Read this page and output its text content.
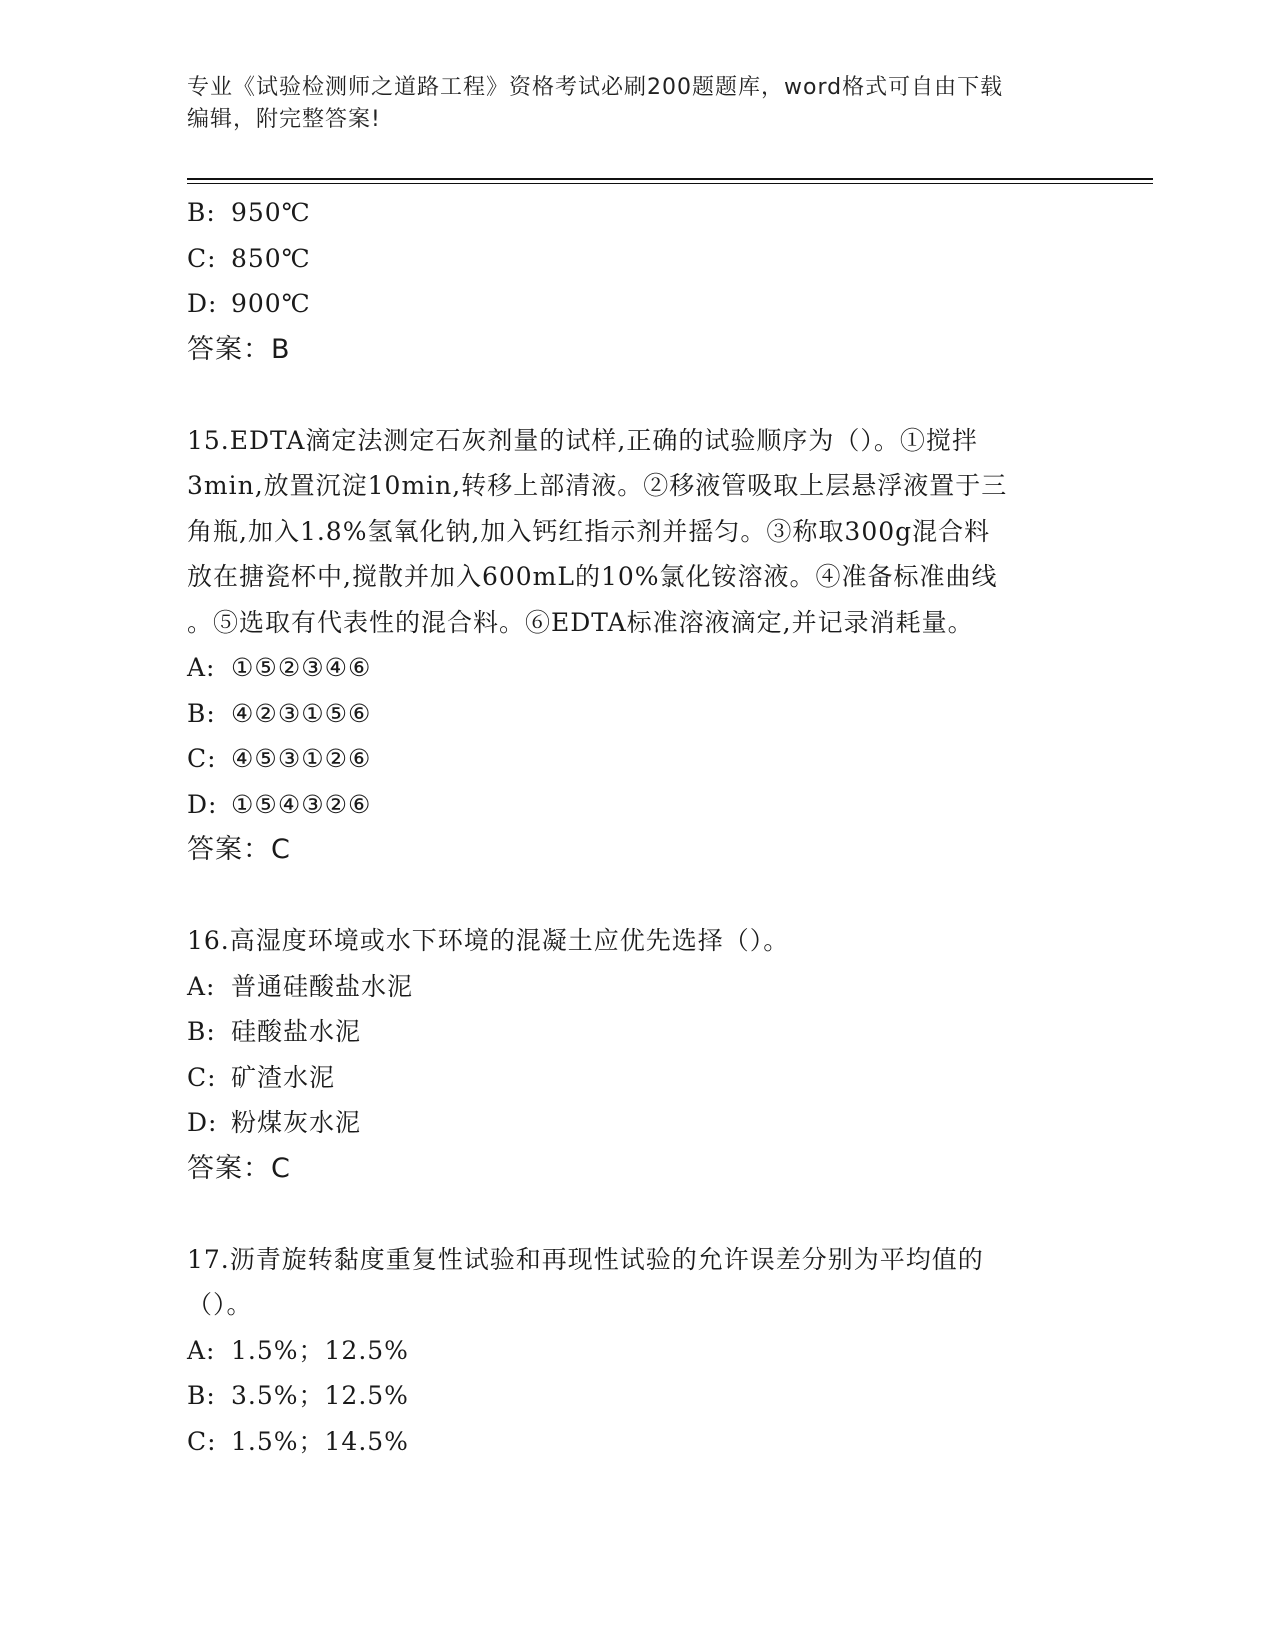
专业《试验检测师之道路工程》资格考试必刷200题题库，word格式可自由下载
编辑，附完整答案!
B: 950℃
C: 850℃
D: 900℃
答案：B
15.EDTA滴定法测定石灰剂量的试样,正确的试验顺序为（）。①搅拌
3min,放置沉淀10min,转移上部清液。②移液管吸取上层悬浮液置于三
角瓶,加入1.8%氢氧化钠,加入钙红指示剂并摇匀。③称取300g混合料
放在搪瓷杯中,搅散并加入600mL的10%氯化铵溶液。④准备标准曲线
。⑤选取有代表性的混合料。⑥EDTA标准溶液滴定,并记录消耗量。
A: ①⑤②③④⑥
B: ④②③①⑤⑥
C: ④⑤③①②⑥
D: ①⑤④③②⑥
答案：C
16.高湿度环境或水下环境的混凝土应优先选择（）。
A: 普通硅酸盐水泥
B: 硅酸盐水泥
C: 矿渣水泥
D: 粉煤灰水泥
答案：C
17.沥青旋转黏度重复性试验和再现性试验的允许误差分别为平均值的
（）。
A: 1.5%；12.5%
B: 3.5%；12.5%
C: 1.5%；14.5%
